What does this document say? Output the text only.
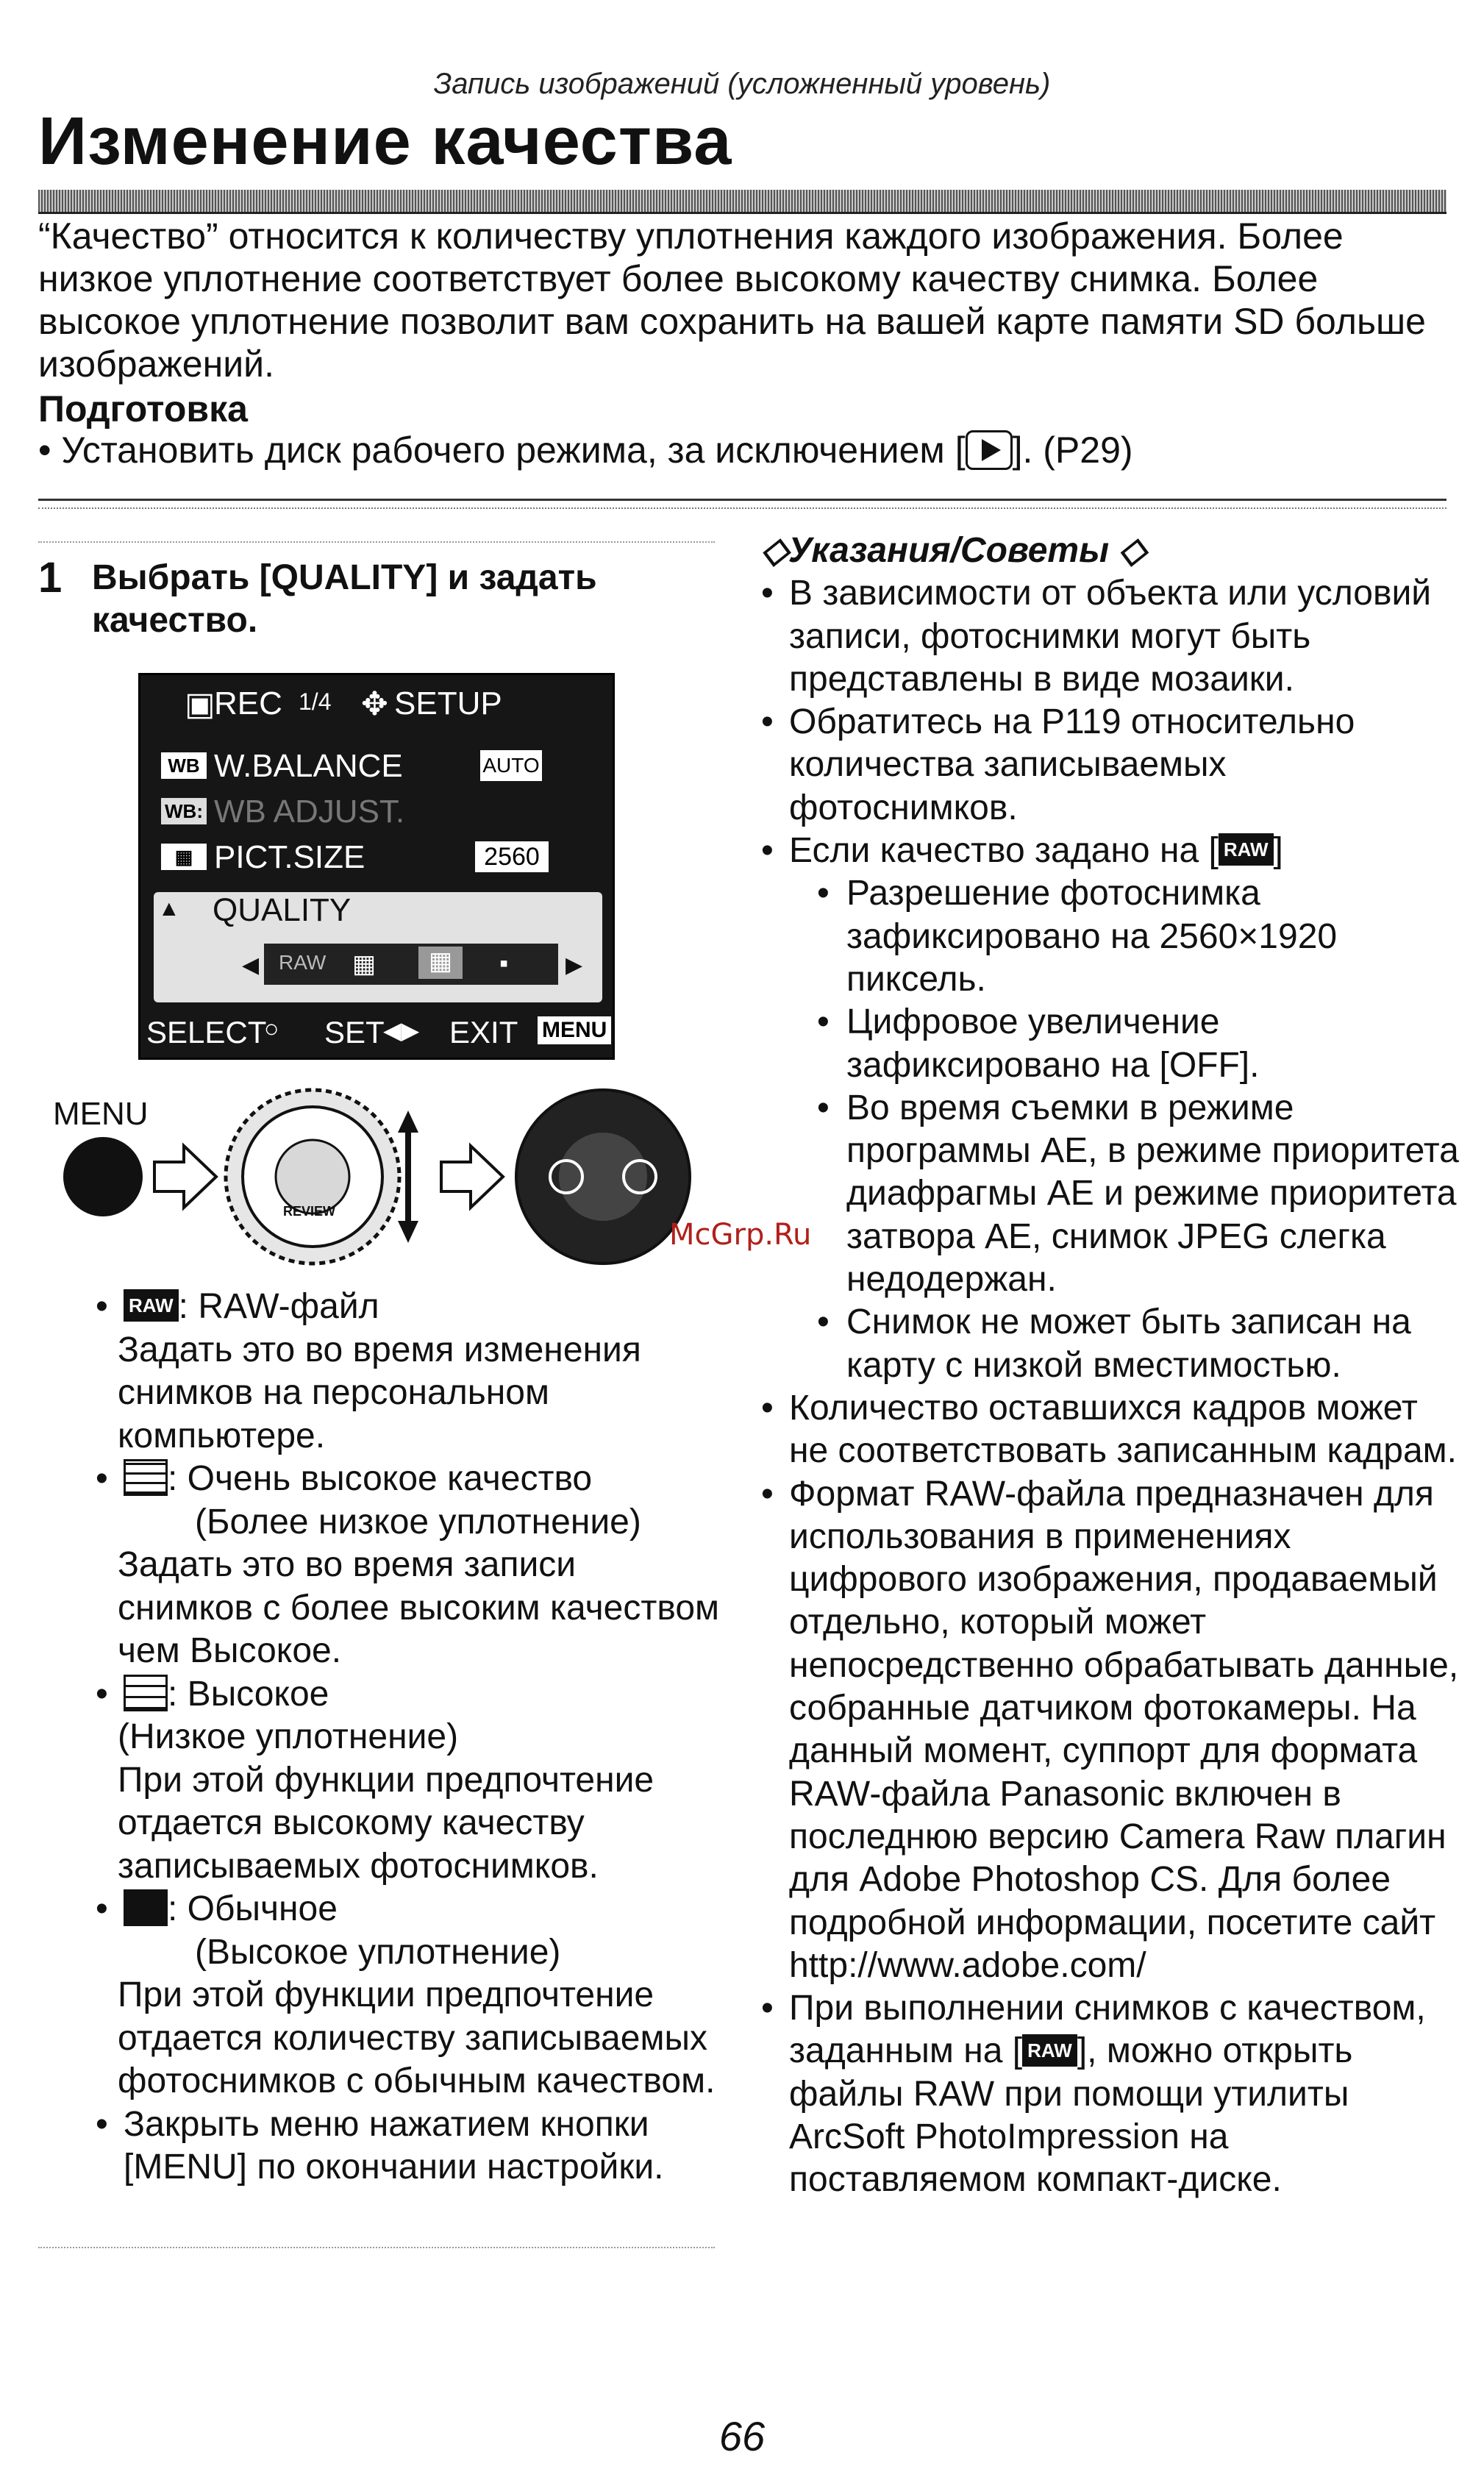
Запись изображений (усложненный уровень)
Изменение качества
“Качество” относится к количеству уплотнения каждого изображения. Более низкое уплотнение соответствует более высокому качеству снимка. Более высокое уплотнение позволит вам сохранить на вашей карте памяти SD больше изображений.
Подготовка
• Установить диск рабочего режима, за исключением [ ]. (P29)
1 Выбрать [QUALITY] и задать качество.
▣
REC 1/4 ✥ SETUP
WB W.BALANCE	AUTO
WB: WB ADJUST.
▦ PICT.SIZE	2560
▲ QUALITY
◀ RAW ▦	▦	▪	▶
SELECT
○ SET
◀▶ EXIT MENU
MENU
REVIEW
McGrp.Ru
• RAW : RAW-файл
Задать это во время изменения снимков на персональном компьютере.
• : Очень высокое качество
(Более низкое уплотнение)
Задать это во время записи снимков с более высоким качеством чем Высокое.
• : Высокое
(Низкое уплотнение)
При этой функции предпочтение отдается высокому качеству записываемых фотоснимков.
• : Обычное
(Высокое уплотнение)
При этой функции предпочтение отдается количеству записываемых фотоснимков с обычным качеством.
• Закрыть меню нажатием кнопки [MENU] по окончании настройки.
◇Указания/Советы ◇
• В зависимости от объекта или условий записи, фотоснимки могут быть представлены в виде мозаики.
• Обратитесь на P119 относительно количества записываемых фотоснимков.
• Если качество задано на [ RAW ]
• Разрешение фотоснимка зафиксировано на 2560×1920 пиксель.
• Цифровое увеличение зафиксировано на [OFF].
• Во время съемки в режиме программы AE, в режиме приоритета диафрагмы AE и режиме приоритета затвора AE, снимок JPEG слегка недодержан.
• Снимок не может быть записан на карту с низкой вместимостью.
• Количество оставшихся кадров может не соответствовать записанным кадрам.
• Формат RAW-файла предназначен для использования в применениях цифрового изображения, продаваемый отдельно, который может непосредственно обрабатывать данные, собранные датчиком фотокамеры. На данный момент, суппорт для формата RAW-файла Panasonic включен в последнюю версию Camera Raw плагин для Adobe Photoshop CS. Для более подробной информации, посетите сайт http://www.adobe.com/
• При выполнении снимков с качеством, заданным на [ RAW ], можно открыть файлы RAW при помощи утилиты ArcSoft PhotoImpression на поставляемом компакт-диске.
66
